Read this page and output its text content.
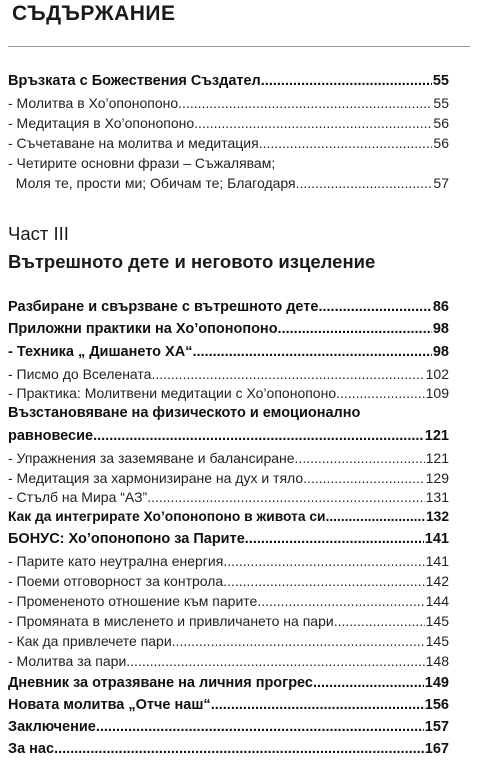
СЪДЪРЖАНИЕ
Връзката с Божествения Създател .....	55
- Молитва в Хо’опонопоно .....	55
- Медитация в Хо’опонопоно .....	56
- Съчетаване на молитва и медитация .....	56
- Четирите основни фрази – Съжалявам;
Моля те, прости ми; Обичам те; Благодаря .....	57
Част III
Вътрешното дете и неговото изцеление
Разбиране и свързване с вътрешното дете .....	86
Приложни практики на Хо’опонопоно .....	98
- Техника „ Дишането ХА“ .....	98
- Писмо до Вселената .....	102
- Практика: Молитвени медитации с Хо’опонопоно .....	109
Възстановяване на физическото и емоционално
равновесие .....	121
- Упражнения за заземяване и балансиране .....	121
- Медитация за хармонизиране на дух и тяло .....	129
- Стълб на Мира “АЗ” .....	131
Как да интегрирате Хо’опонопоно в живота си .....	132
БОНУС: Хо’опонопоно за Парите .....	141
- Парите като неутрална енергия .....	141
- Поеми отговорност за контрола .....	142
- Промененото отношение към парите .....	144
- Промяната в мисленето и привличането на пари .....	145
- Как да привлечете пари .....	145
- Молитва за пари .....	148
Дневник за отразяване на личния прогрес .....	149
Новата молитва „Отче наш“ .....	156
Заключение .....	157
За нас .....	167
